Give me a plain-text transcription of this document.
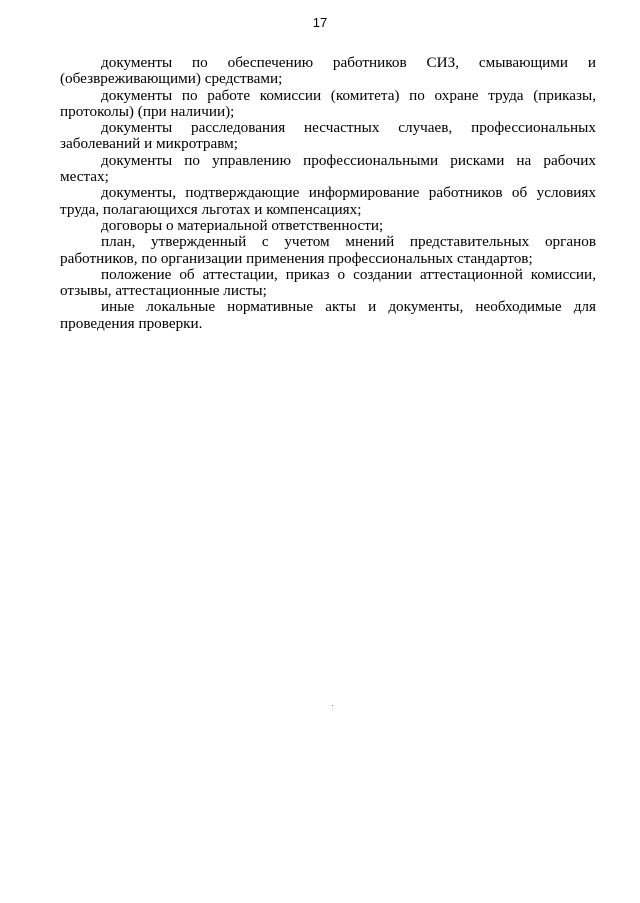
17

документы по обеспечению работников СИЗ, смывающими и (обезвреживающими) средствами;

документы по работе комиссии (комитета) по охране труда (приказы, протоколы) (при наличии);

документы расследования несчастных случаев, профессиональных заболеваний и микротравм;

документы по управлению профессиональными рисками на рабочих местах;

документы, подтверждающие информирование работников об условиях труда, полагающихся льготах и компенсациях;

договоры о материальной ответственности;

план, утвержденный с учетом мнений представительных органов работников, по организации применения профессиональных стандартов;

положение об аттестации, приказ о создании аттестационной комиссии, отзывы, аттестационные листы;

иные локальные нормативные акты и документы, необходимые для проведения проверки.
